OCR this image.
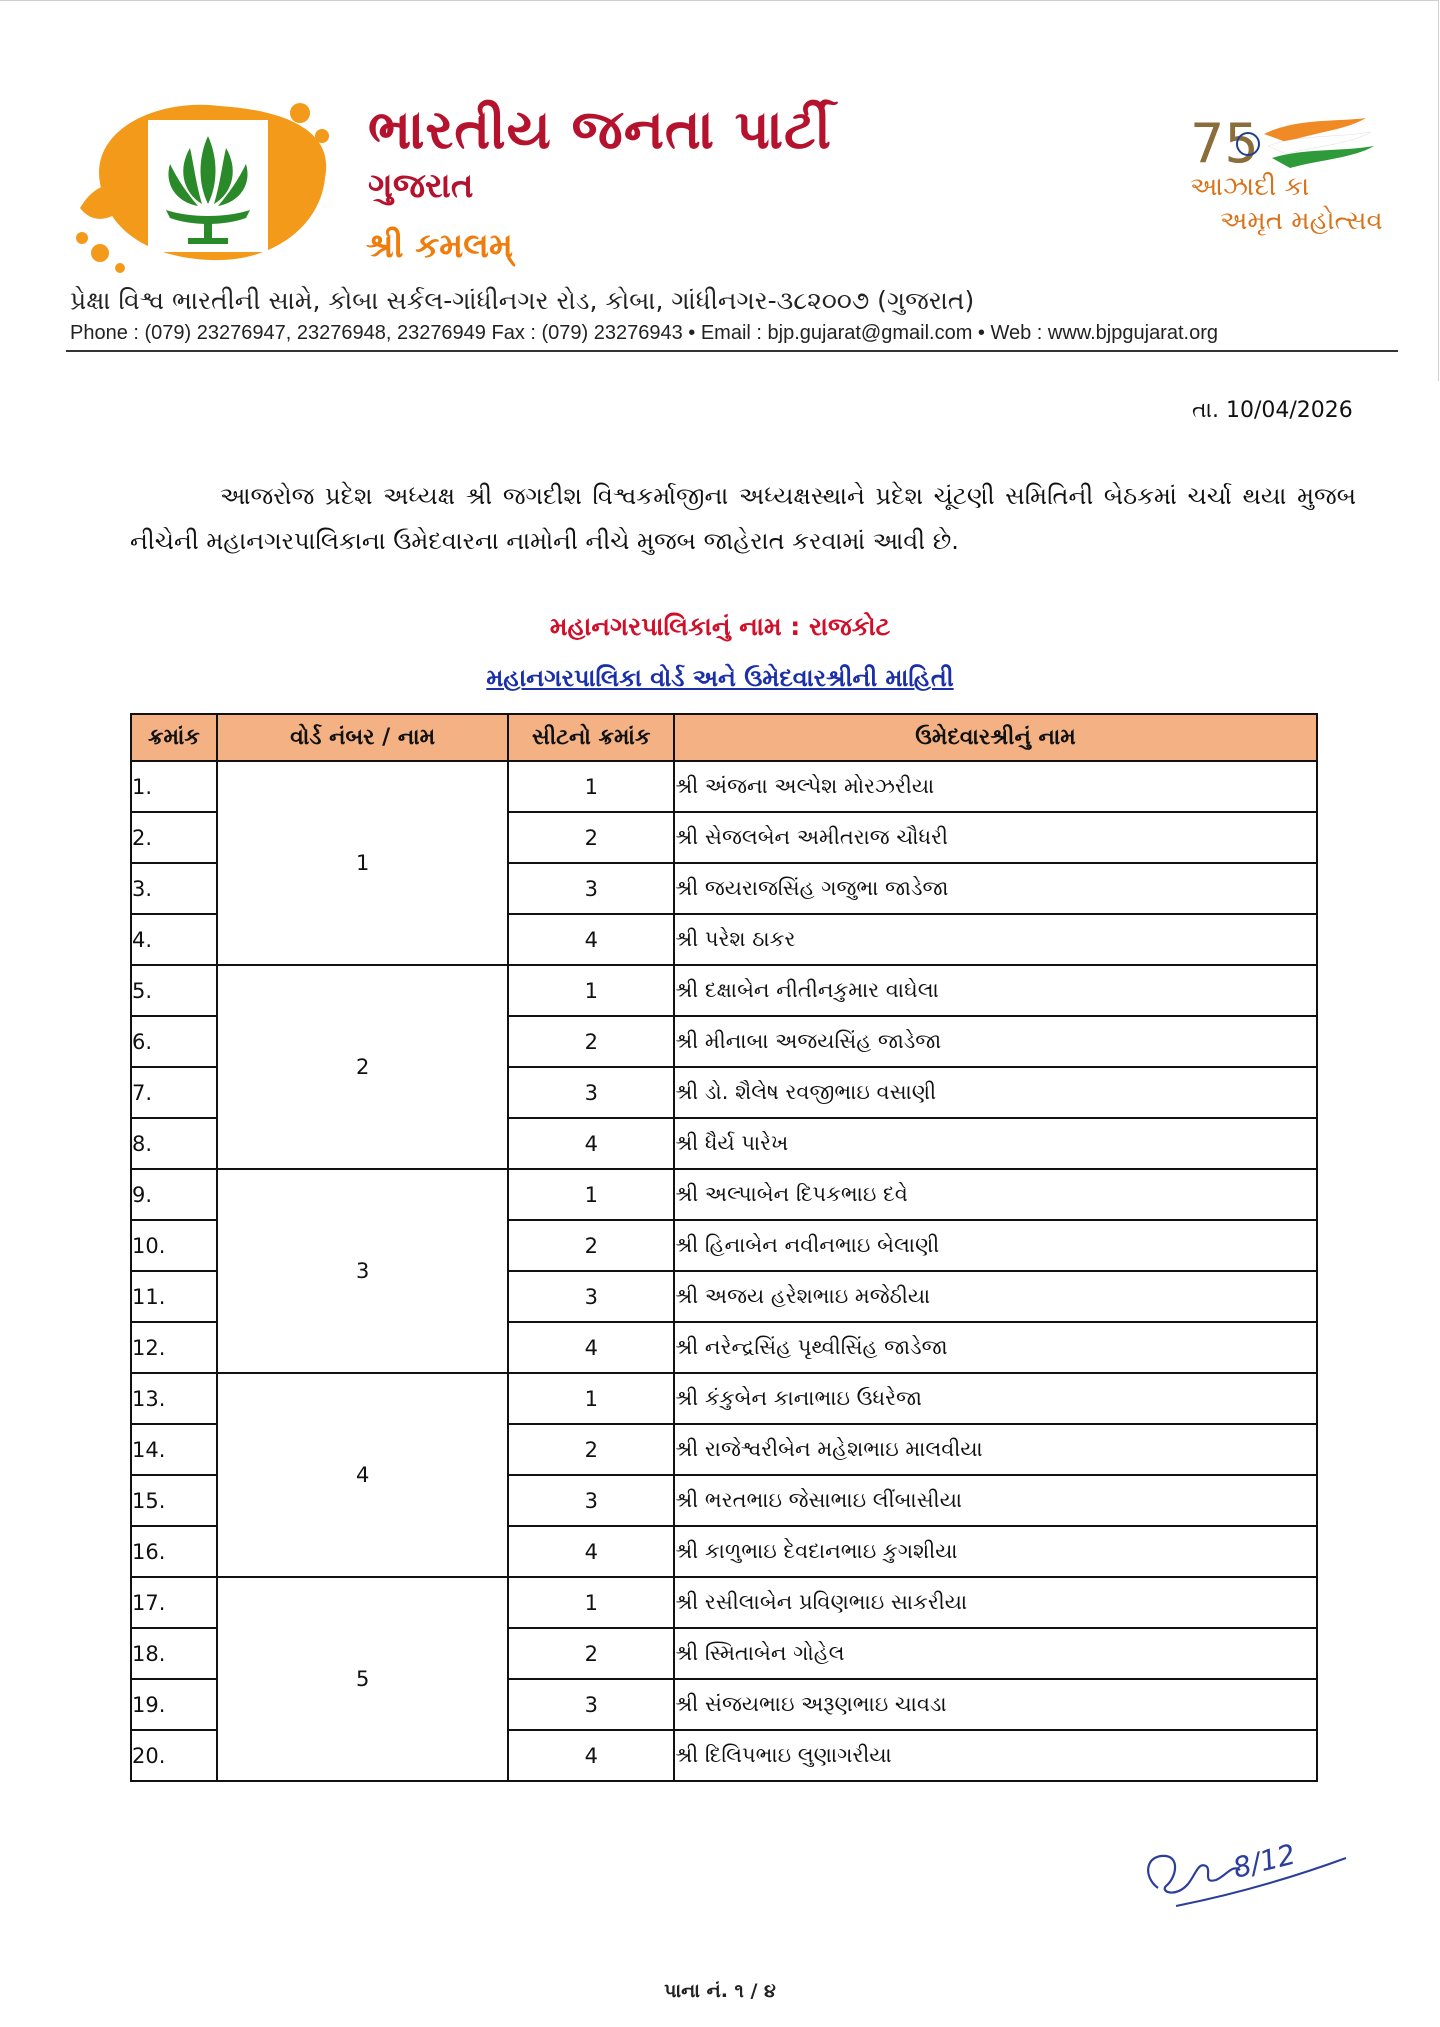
ભારતીય જનતા પાર્ટી
ગુજરાત
શ્રી કમલમ્
75
આઝાદી કા
અમૃત મહોત્સવ
પ્રેક્ષા વિશ્વ ભારતીની સામે, કોબા સર્કલ-ગાંધીનગર રોડ, કોબા, ગાંધીનગર-૩૮૨૦૦૭ (ગુજરાત)
Phone : (079) 23276947, 23276948, 23276949 Fax : (079) 23276943 • Email : bjp.gujarat@gmail.com • Web : www.bjpgujarat.org
તા. 10/04/2026
આજરોજ પ્રદેશ અધ્યક્ષ શ્રી જગદીશ વિશ્વકર્માજીના અધ્યક્ષસ્થાને પ્રદેશ ચૂંટણી સમિતિની બેઠકમાં ચર્ચા થયા મુજબ નીચેની મહાનગરપાલિકાના ઉમેદવારના નામોની નીચે મુજબ જાહેરાત કરવામાં આવી છે.
મહાનગરપાલિકાનું નામ : રાજકોટ
મહાનગરપાલિકા વોર્ડ અને ઉમેદવારશ્રીની માહિતી
ક્રમાંક	વોર્ડ નંબર / નામ	સીટનો ક્રમાંક	ઉમેદવારશ્રીનું નામ
1.	1	1	શ્રી અંજના અલ્પેશ મોરઝરીયા
2.		2	શ્રી સેજલબેન અમીતરાજ ચૌધરી
3.		3	શ્રી જયરાજસિંહ ગજુભા જાડેજા
4.		4	શ્રી પરેશ ઠાકર
5.	2	1	શ્રી દક્ષાબેન નીતીનકુમાર વાઘેલા
6.		2	શ્રી મીનાબા અજયસિંહ જાડેજા
7.		3	શ્રી ડો. શૈલેષ રવજીભાઇ વસાણી
8.		4	શ્રી ધૈર્ય પારેખ
9.	3	1	શ્રી અલ્પાબેન દિપકભાઇ દવે
10.		2	શ્રી હિનાબેન નવીનભાઇ બેલાણી
11.		3	શ્રી અજય હરેશભાઇ મજેઠીયા
12.		4	શ્રી નરેન્દ્રસિંહ પૃથ્વીસિંહ જાડેજા
13.	4	1	શ્રી કંકુબેન કાનાભાઇ ઉધરેજા
14.		2	શ્રી રાજેશ્વરીબેન મહેશભાઇ માલવીયા
15.		3	શ્રી ભરતભાઇ જેસાભાઇ લીંબાસીયા
16.		4	શ્રી કાળુભાઇ દેવદાનભાઇ કુગશીયા
17.	5	1	શ્રી રસીલાબેન પ્રવિણભાઇ સાકરીયા
18.		2	શ્રી સ્મિતાબેન ગોહેલ
19.		3	શ્રી સંજયભાઇ અરૂણભાઇ ચાવડા
20.		4	શ્રી દિલિપભાઇ લુણાગરીયા
8/12
પાના નં. ૧ / ૪
